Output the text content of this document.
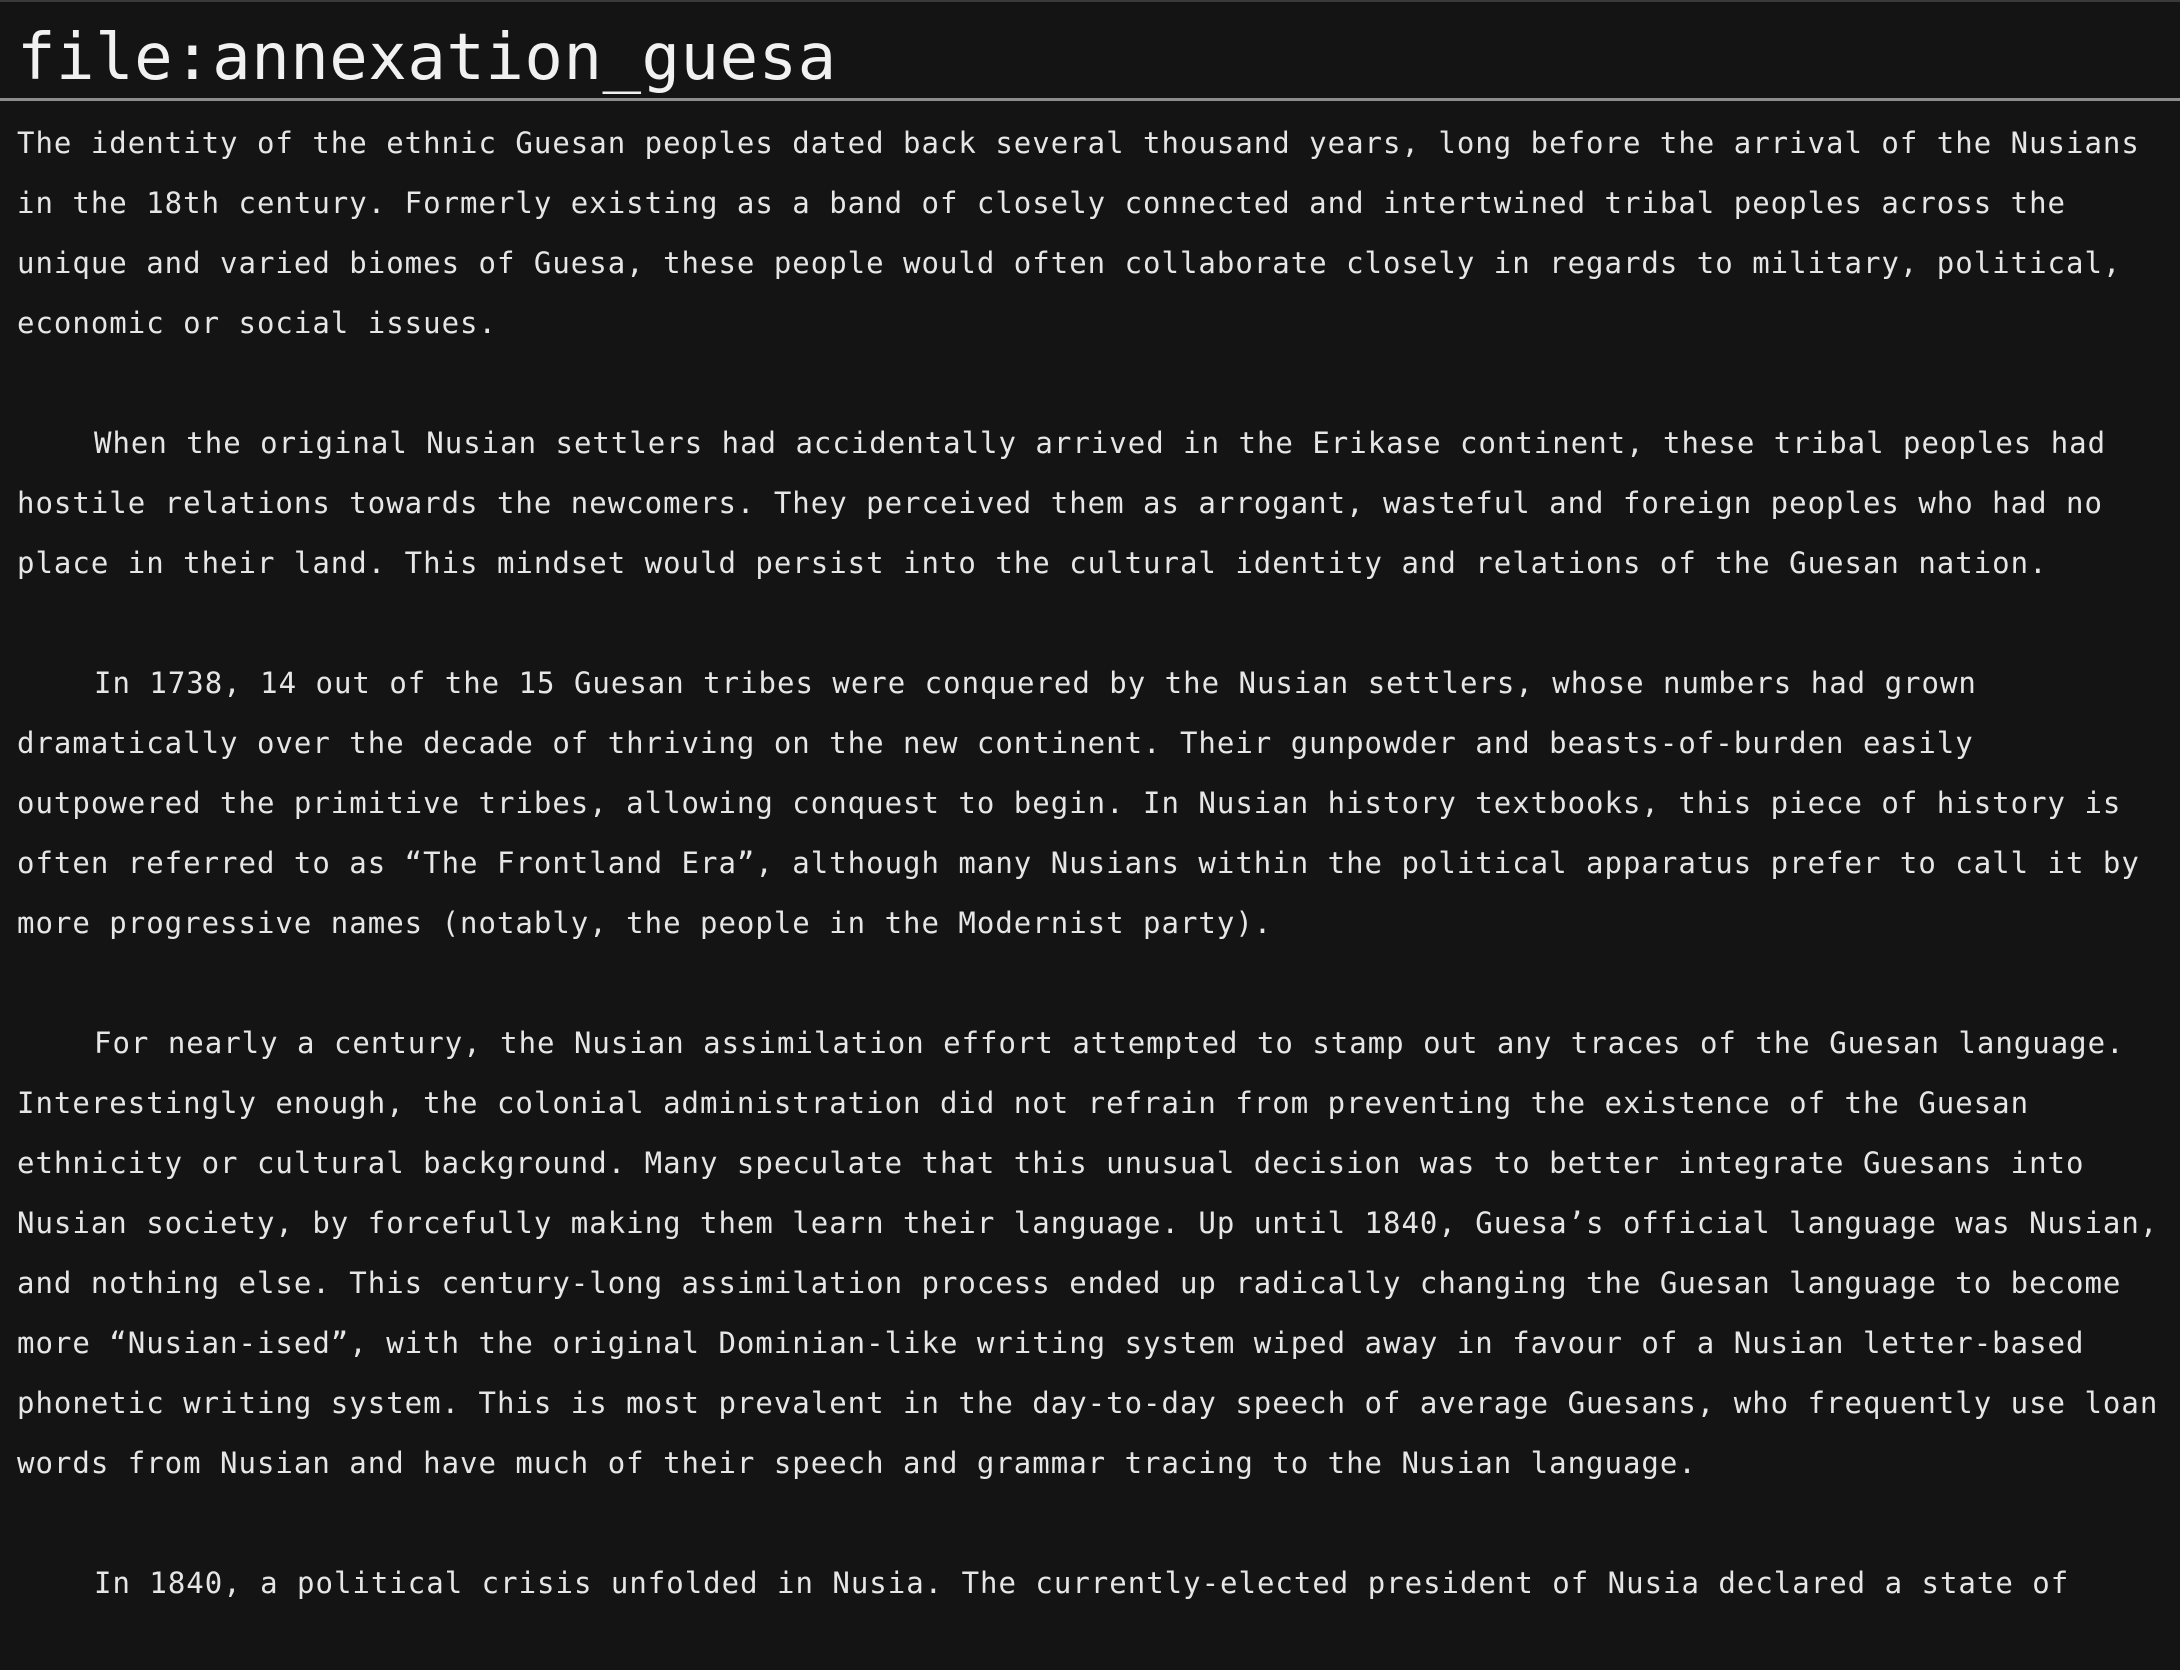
file:annexation_guesa

The identity of the ethnic Guesan peoples dated back several thousand years, long before the arrival of the Nusians in the 18th century. Formerly existing as a band of closely connected and intertwined tribal peoples across the unique and varied biomes of Guesa, these people would often collaborate closely in regards to military, political, economic or social issues.

When the original Nusian settlers had accidentally arrived in the Erikase continent, these tribal peoples had hostile relations towards the newcomers. They perceived them as arrogant, wasteful and foreign peoples who had no place in their land. This mindset would persist into the cultural identity and relations of the Guesan nation.

In 1738, 14 out of the 15 Guesan tribes were conquered by the Nusian settlers, whose numbers had grown dramatically over the decade of thriving on the new continent. Their gunpowder and beasts-of-burden easily outpowered the primitive tribes, allowing conquest to begin. In Nusian history textbooks, this piece of history is often referred to as “The Frontland Era”, although many Nusians within the political apparatus prefer to call it by more progressive names (notably, the people in the Modernist party).

For nearly a century, the Nusian assimilation effort attempted to stamp out any traces of the Guesan language. Interestingly enough, the colonial administration did not refrain from preventing the existence of the Guesan ethnicity or cultural background. Many speculate that this unusual decision was to better integrate Guesans into Nusian society, by forcefully making them learn their language. Up until 1840, Guesa’s official language was Nusian, and nothing else. This century-long assimilation process ended up radically changing the Guesan language to become more “Nusian-ised”, with the original Dominian-like writing system wiped away in favour of a Nusian letter-based phonetic writing system. This is most prevalent in the day-to-day speech of average Guesans, who frequently use loan words from Nusian and have much of their speech and grammar tracing to the Nusian language.

In 1840, a political crisis unfolded in Nusia. The currently-elected president of Nusia declared a state of
